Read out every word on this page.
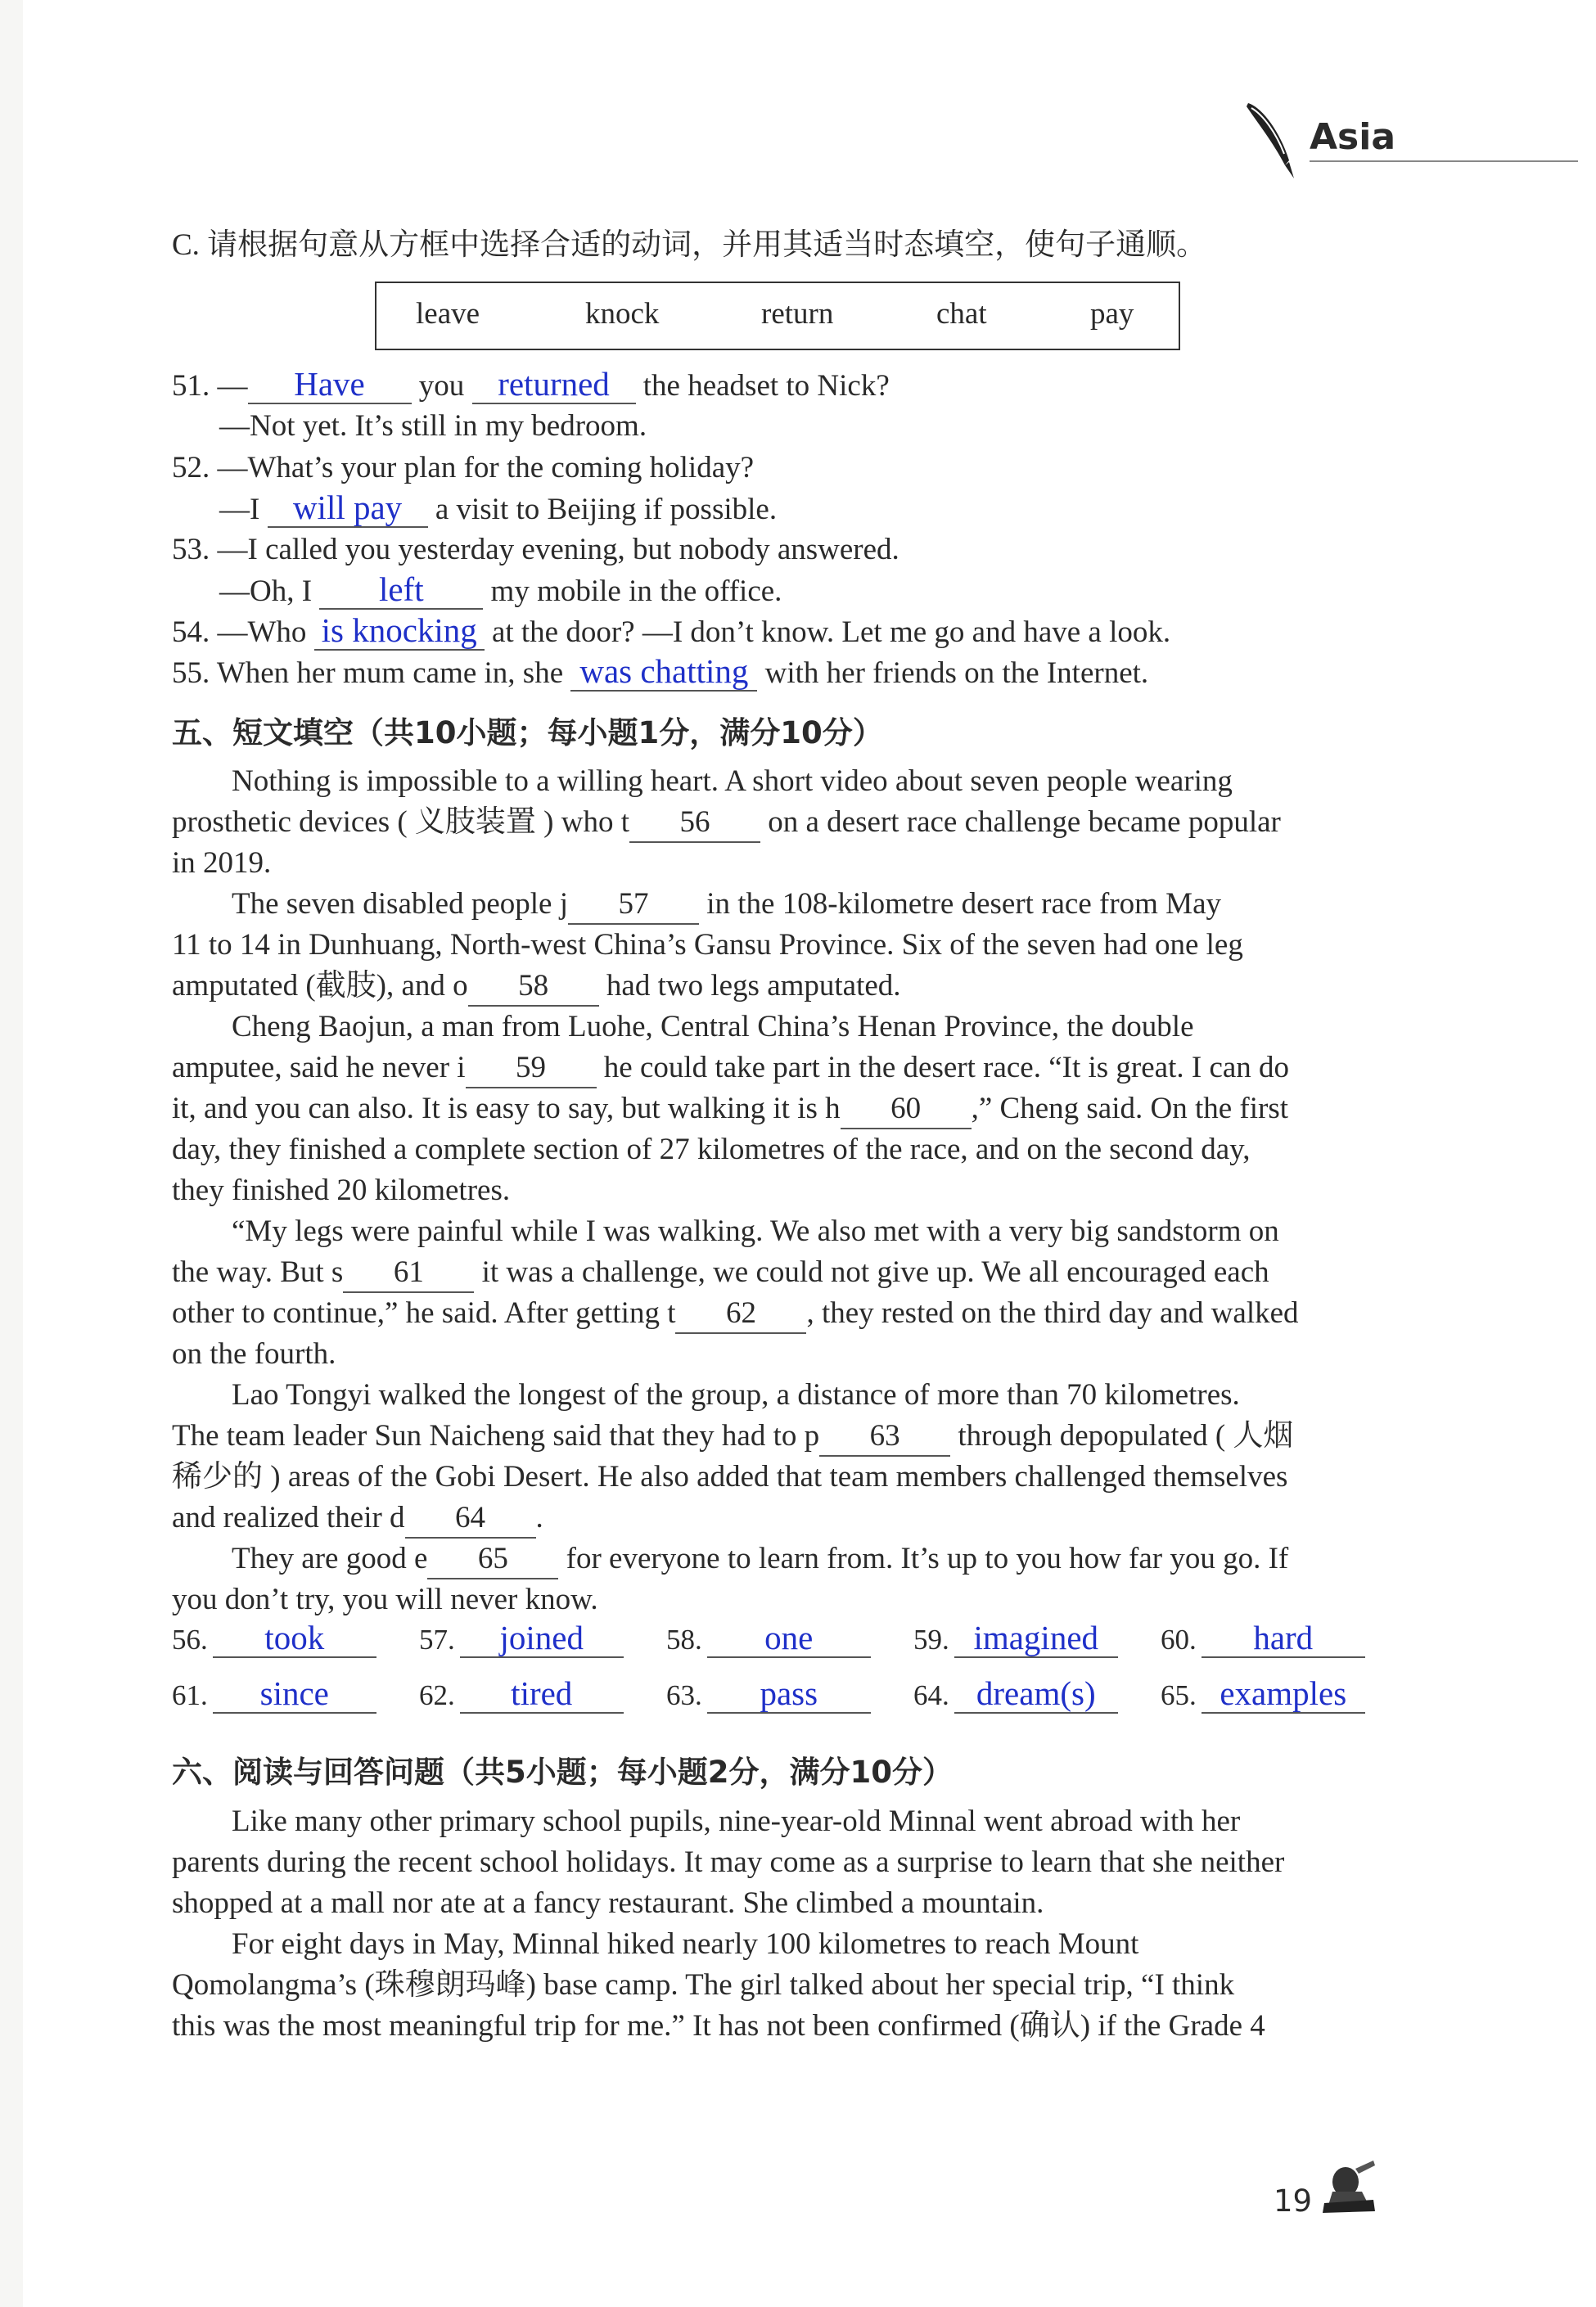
Asia
C. 请根据句意从方框中选择合适的动词，并用其适当时态填空，使句子通顺。
leave	knock	return	chat	pay
51. — Have you returned the headset to Nick?
—Not yet. It’s still in my bedroom.
52. —What’s your plan for the coming holiday?
—I will pay a visit to Beijing if possible.
53. —I called you yesterday evening, but nobody answered.
—Oh, I left my mobile in the office.
54. —Who is knocking at the door? —I don’t know. Let me go and have a look.
55. When her mum came in, she was chatting with her friends on the Internet.
五、短文填空（共10小题；每小题1分，满分10分）
Nothing is impossible to a willing heart. A short video about seven people wearing
prosthetic devices ( 义肢装置 ) who t 56 on a desert race challenge became popular
in 2019.
The seven disabled people j 57 in the 108-kilometre desert race from May
11 to 14 in Dunhuang, North-west China’s Gansu Province. Six of the seven had one leg
amputated (截肢), and o 58 had two legs amputated.
Cheng Baojun, a man from Luohe, Central China’s Henan Province, the double
amputee, said he never i 59 he could take part in the desert race. “It is great. I can do
it, and you can also. It is easy to say, but walking it is h 60 ,” Cheng said. On the first
day, they finished a complete section of 27 kilometres of the race, and on the second day,
they finished 20 kilometres.
“My legs were painful while I was walking. We also met with a very big sandstorm on
the way. But s 61 it was a challenge, we could not give up. We all encouraged each
other to continue,” he said. After getting t 62 , they rested on the third day and walked
on the fourth.
Lao Tongyi walked the longest of the group, a distance of more than 70 kilometres.
The team leader Sun Naicheng said that they had to p 63 through depopulated ( 人烟
稀少的 ) areas of the Gobi Desert. He also added that team members challenged themselves
and realized their d 64 .
They are good e 65 for everyone to learn from. It’s up to you how far you go. If
you don’t try, you will never know.
56. took	57. joined	58. one	59. imagined 60. hard
61. since	62. tired	63. pass	64. dream(s) 65. examples
六、阅读与回答问题（共5小题；每小题2分，满分10分）
Like many other primary school pupils, nine-year-old Minnal went abroad with her
parents during the recent school holidays. It may come as a surprise to learn that she neither
shopped at a mall nor ate at a fancy restaurant. She climbed a mountain.
For eight days in May, Minnal hiked nearly 100 kilometres to reach Mount
Qomolangma’s (珠穆朗玛峰) base camp. The girl talked about her special trip, “I think
this was the most meaningful trip for me.” It has not been confirmed (确认) if the Grade 4
19
